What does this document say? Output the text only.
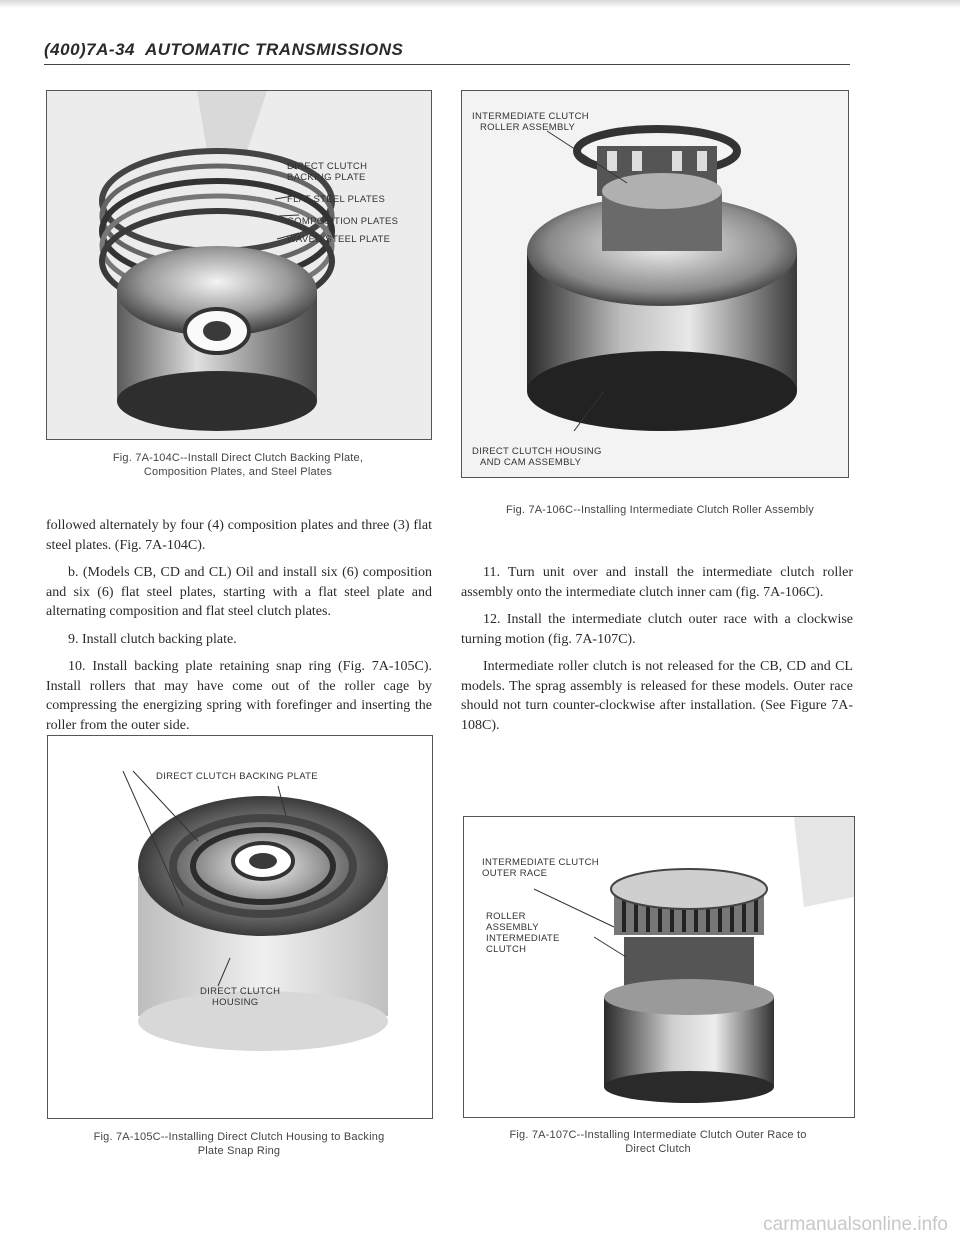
(400)7A-34 AUTOMATIC TRANSMISSIONS
DIRECT CLUTCH
BACKING PLATE
FLAT STEEL PLATES
COMPOSITION PLATES
WAVED STEEL PLATE
Fig. 7A-104C--Install Direct Clutch Backing Plate,
Composition Plates, and Steel Plates
INTERMEDIATE CLUTCH
ROLLER ASSEMBLY
DIRECT CLUTCH HOUSING
AND CAM ASSEMBLY
Fig. 7A-106C--Installing Intermediate Clutch Roller Assembly

followed alternately by four (4) composition plates and three (3) flat steel plates. (Fig. 7A-104C).

b. (Models CB, CD and CL) Oil and install six (6) composition and six (6) flat steel plates, starting with a flat steel plate and alternating composition and flat steel clutch plates.

9. Install clutch backing plate.

10. Install backing plate retaining snap ring (Fig. 7A-105C). Install rollers that may have come out of the roller cage by compressing the energizing spring with forefinger and inserting the roller from the outer side.

11. Turn unit over and install the intermediate clutch roller assembly onto the intermediate clutch inner cam (fig. 7A-106C).

12. Install the intermediate clutch outer race with a clockwise turning motion (fig. 7A-107C).

Intermediate roller clutch is not released for the CB, CD and CL models. The sprag assembly is released for these models. Outer race should not turn counter-clockwise after installation. (See Figure 7A-108C).

DIRECT CLUTCH BACKING PLATE
DIRECT CLUTCH
HOUSING
Fig. 7A-105C--Installing Direct Clutch Housing to Backing
Plate Snap Ring
INTERMEDIATE CLUTCH
OUTER RACE
ROLLER
ASSEMBLY
INTERMEDIATE
CLUTCH
Fig. 7A-107C--Installing Intermediate Clutch Outer Race to
Direct Clutch
carmanualsonline.info
